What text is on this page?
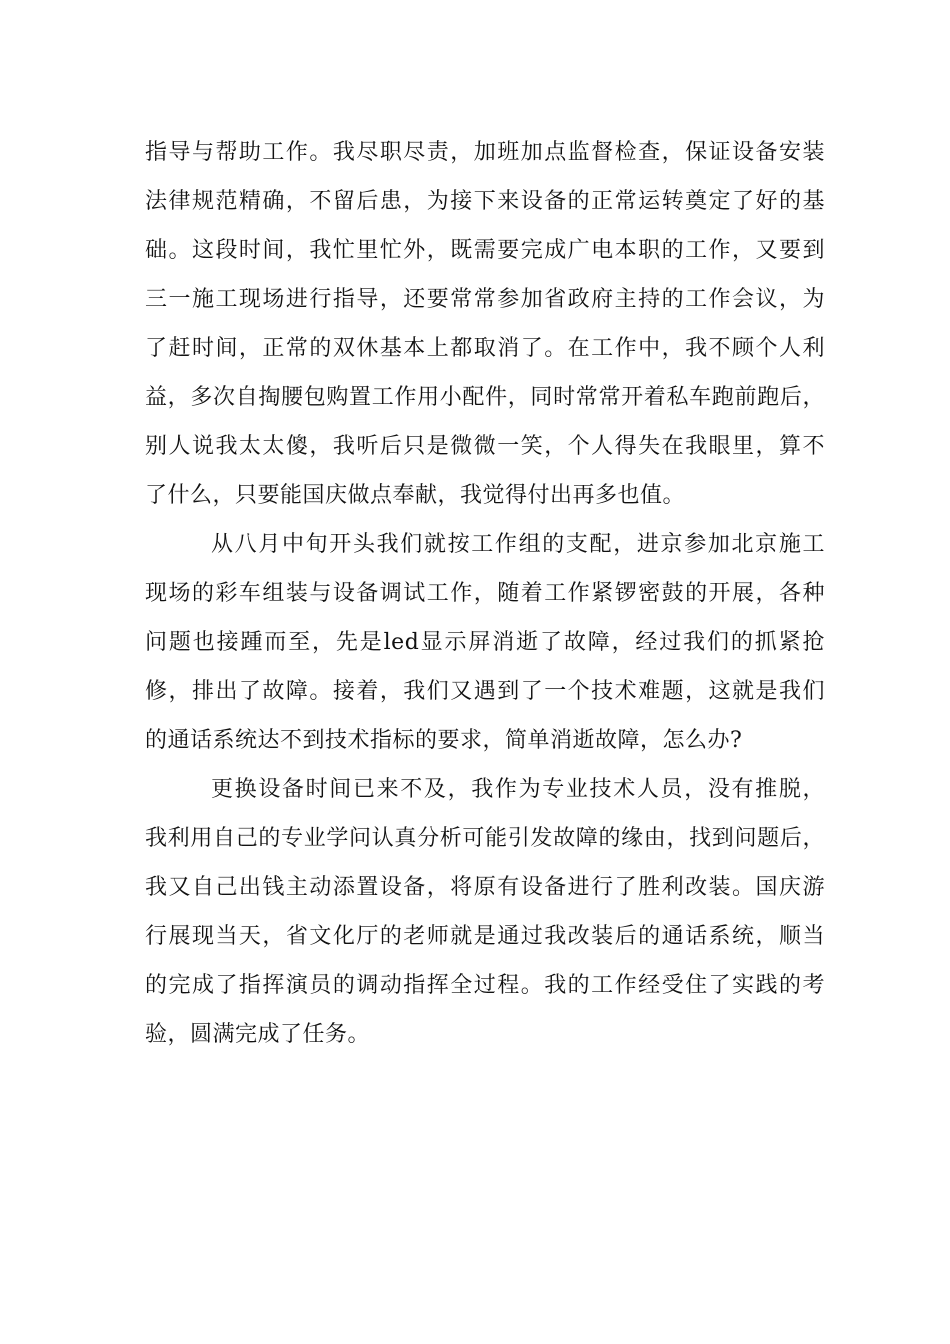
指导与帮助工作。我尽职尽责，加班加点监督检查，保证设备安装
法律规范精确，不留后患，为接下来设备的正常运转奠定了好的基
础。这段时间，我忙里忙外，既需要完成广电本职的工作，又要到
三一施工现场进行指导，还要常常参加省政府主持的工作会议，为
了赶时间，正常的双休基本上都取消了。在工作中，我不顾个人利
益，多次自掏腰包购置工作用小配件，同时常常开着私车跑前跑后，
别人说我太太傻，我听后只是微微一笑，个人得失在我眼里，算不
了什么，只要能国庆做点奉献，我觉得付出再多也值。
从八月中旬开头我们就按工作组的支配，进京参加北京施工
现场的彩车组装与设备调试工作，随着工作紧锣密鼓的开展，各种
问题也接踵而至，先是led显示屏消逝了故障，经过我们的抓紧抢
修，排出了故障。接着，我们又遇到了一个技术难题，这就是我们
的通话系统达不到技术指标的要求，简单消逝故障，怎么办?
更换设备时间已来不及，我作为专业技术人员，没有推脱，
我利用自己的专业学问认真分析可能引发故障的缘由，找到问题后，
我又自己出钱主动添置设备，将原有设备进行了胜利改装。国庆游
行展现当天，省文化厅的老师就是通过我改装后的通话系统，顺当
的完成了指挥演员的调动指挥全过程。我的工作经受住了实践的考
验，圆满完成了任务。
